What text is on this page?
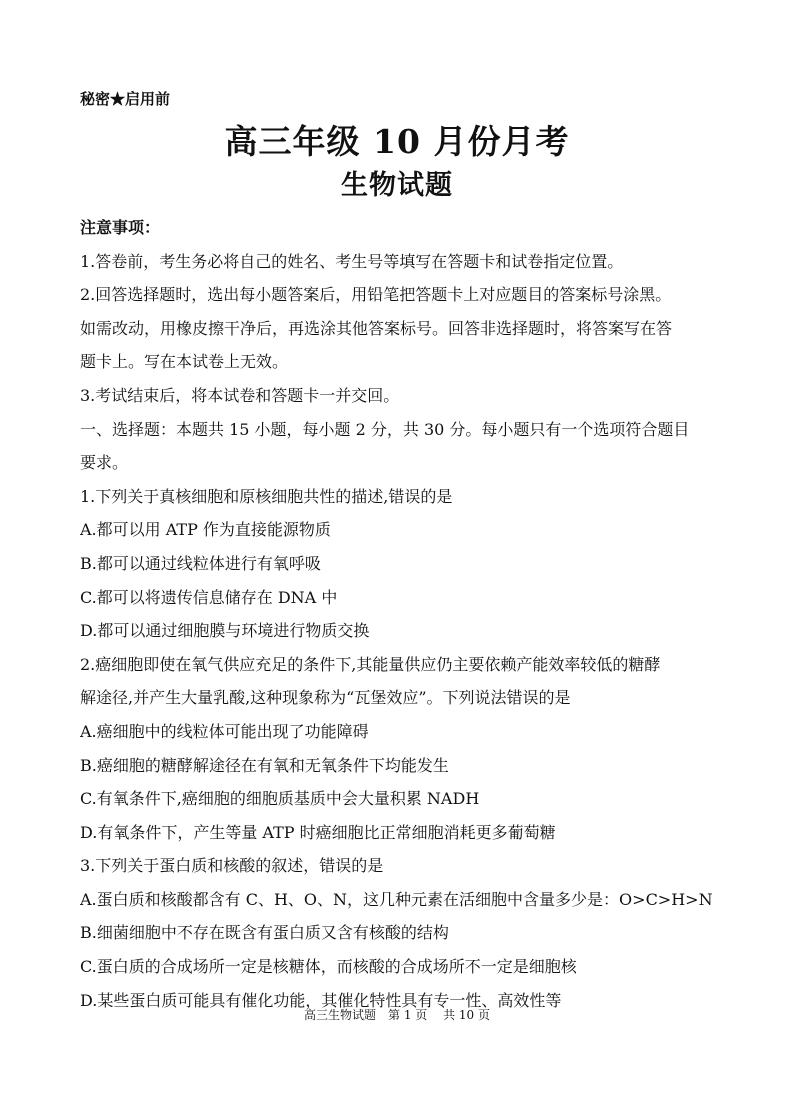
秘密★启用前
高三年级 10 月份月考
生物试题
注意事项：
1.答卷前，考生务必将自己的姓名、考生号等填写在答题卡和试卷指定位置。
2.回答选择题时，选出每小题答案后，用铅笔把答题卡上对应题目的答案标号涂黑。
如需改动，用橡皮擦干净后，再选涂其他答案标号。回答非选择题时，将答案写在答
题卡上。写在本试卷上无效。
3.考试结束后，将本试卷和答题卡一并交回。
一、选择题：本题共 15 小题，每小题 2 分，共 30 分。每小题只有一个选项符合题目
要求。
1.下列关于真核细胞和原核细胞共性的描述,错误的是
A.都可以用 ATP 作为直接能源物质
B.都可以通过线粒体进行有氧呼吸
C.都可以将遗传信息储存在 DNA 中
D.都可以通过细胞膜与环境进行物质交换
2.癌细胞即使在氧气供应充足的条件下,其能量供应仍主要依赖产能效率较低的糖酵
解途径,并产生大量乳酸,这种现象称为“瓦堡效应”。下列说法错误的是
A.癌细胞中的线粒体可能出现了功能障碍
B.癌细胞的糖酵解途径在有氧和无氧条件下均能发生
C.有氧条件下,癌细胞的细胞质基质中会大量积累 NADH
D.有氧条件下，产生等量 ATP 时癌细胞比正常细胞消耗更多葡萄糖
3.下列关于蛋白质和核酸的叙述，错误的是
A.蛋白质和核酸都含有 C、H、O、N，这几种元素在活细胞中含量多少是：O>C>H>N
B.细菌细胞中不存在既含有蛋白质又含有核酸的结构
C.蛋白质的合成场所一定是核糖体，而核酸的合成场所不一定是细胞核
D.某些蛋白质可能具有催化功能，其催化特性具有专一性、高效性等
高三生物试题　第 1 页　 共 10 页
